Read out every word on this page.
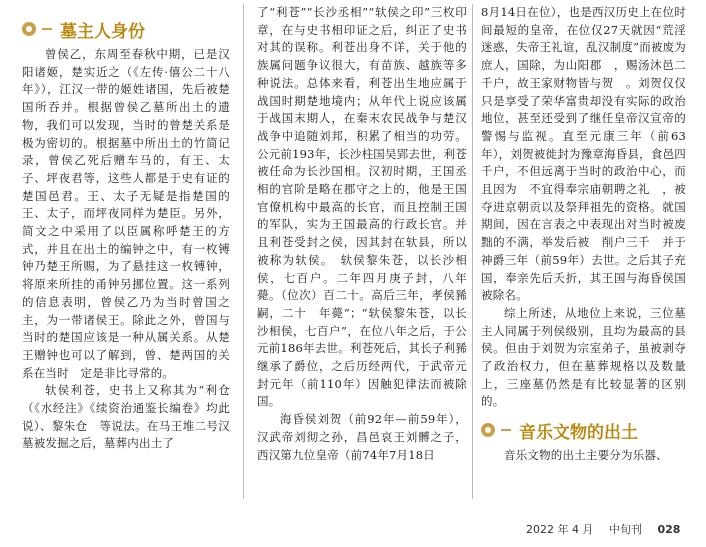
墓主人身份

曾侯乙，东周至春秋中期，已是汉阳诸姬，楚实近之（《左传·僖公二十八年》），江汉一带的姬姓诸国，先后被楚国所吞并。根据曾侯乙墓所出土的遗物，我们可以发现，当时的曾楚关系是极为密切的。根据墓中所出土的竹简记录，曾侯乙死后赠车马的，有王、太子、坪夜君等，这些人都是于史有证的楚国邑君。王、太子无疑是指楚国的王、太子，而坪夜同样为楚臣。另外，简文之中采用了以臣属称呼楚王的方式，并且在出土的编钟之中，有一枚镈钟乃楚王所赐，为了悬挂这一枚镈钟，将原来所挂的甬钟另挪位置。这一系列的信息表明，曾侯乙乃为当时曾国之主，为一带诸侯王。除此之外，曾国与当时的楚国应该是一种从属关系。从楚王赠钟也可以了解到，曾、楚两国的关系在当时　定是非比寻常的。

轪侯利苍，史书上又称其为“利仓（《水经注》《续资治通鉴长编卷》均此说）、黎朱仓　等说法。在马王堆二号汉墓被发掘之后，墓葬内出土了

了“利苍”“长沙丞相”“轪侯之印”三枚印章，在与史书相印证之后，纠正了史书对其的误称。利苍出身不详，关于他的族属问题争议很大，有苗族、越族等多种说法。总体来看，利苍出生地应属于战国时期楚地境内；从年代上说应该属于战国末期人，在秦末农民战争与楚汉战争中追随刘邦，积累了相当的功劳。公元前193年，长沙柱国吴郢去世，利苍被任命为长沙国相。汉初时期，王国丞相的官阶是略在郡守之上的，他是王国官僚机构中最高的长官，而且控制王国的军队，实为王国最高的行政长官。并且利苍受封之侯，因其封在轪县，所以被称为轪侯。　轪侯黎朱苍，以长沙相侯，七百户。二年四月庚子封，八年薨。（位次）百二十。高后三年，孝侯豨嗣，二十　年薨”；“轪侯黎朱苍，以长沙相侯，七百户”，在位八年之后，于公元前186年去世。利苍死后，其长子利豨继承了爵位，之后历经两代，于武帝元封元年（前110年）因触犯律法而被除国。

海昏侯刘贺（前92年—前59年），汉武帝刘彻之孙，昌邑哀王刘髆之子，西汉第九位皇帝（前74年7月18日

8月14日在位），也是西汉历史上在位时间最短的皇帝，在位仅27天就因“荒淫迷惑，失帝王礼谊，乱汉制度”而被废为庶人，国除，为山阳郡　，赐汤沐邑二千户，故王家财物皆与贺　。刘贺仅仅只是享受了荣华富贵却没有实际的政治地位，甚至还受到了继任皇帝汉宣帝的警惕与监视。直至元康三年（前63年），刘贺被徙封为豫章海昏县，食邑四千户，不但远离于当时的政治中心，而且因为　不宜得奉宗庙朝聘之礼　，被夺进京朝贡以及祭拜祖先的资格。就国期间，因在言表之中表现出对当时被废黜的不满，举发后被　削户三千　并于神爵三年（前59年）去世。之后其子充国，奉亲先后夭折，其王国与海昏侯国被除名。

综上所述，从地位上来说，三位墓主人同属于列侯级别，且均为最高的县侯。但由于刘贺为宗室弟子，虽被剥夺了政治权力，但在墓葬规格以及数量上，三座墓仍然是有比较显著的区别的。

音乐文物的出土

音乐文物的出土主要分为乐器、

2022 年 4 月 中旬刊 028
